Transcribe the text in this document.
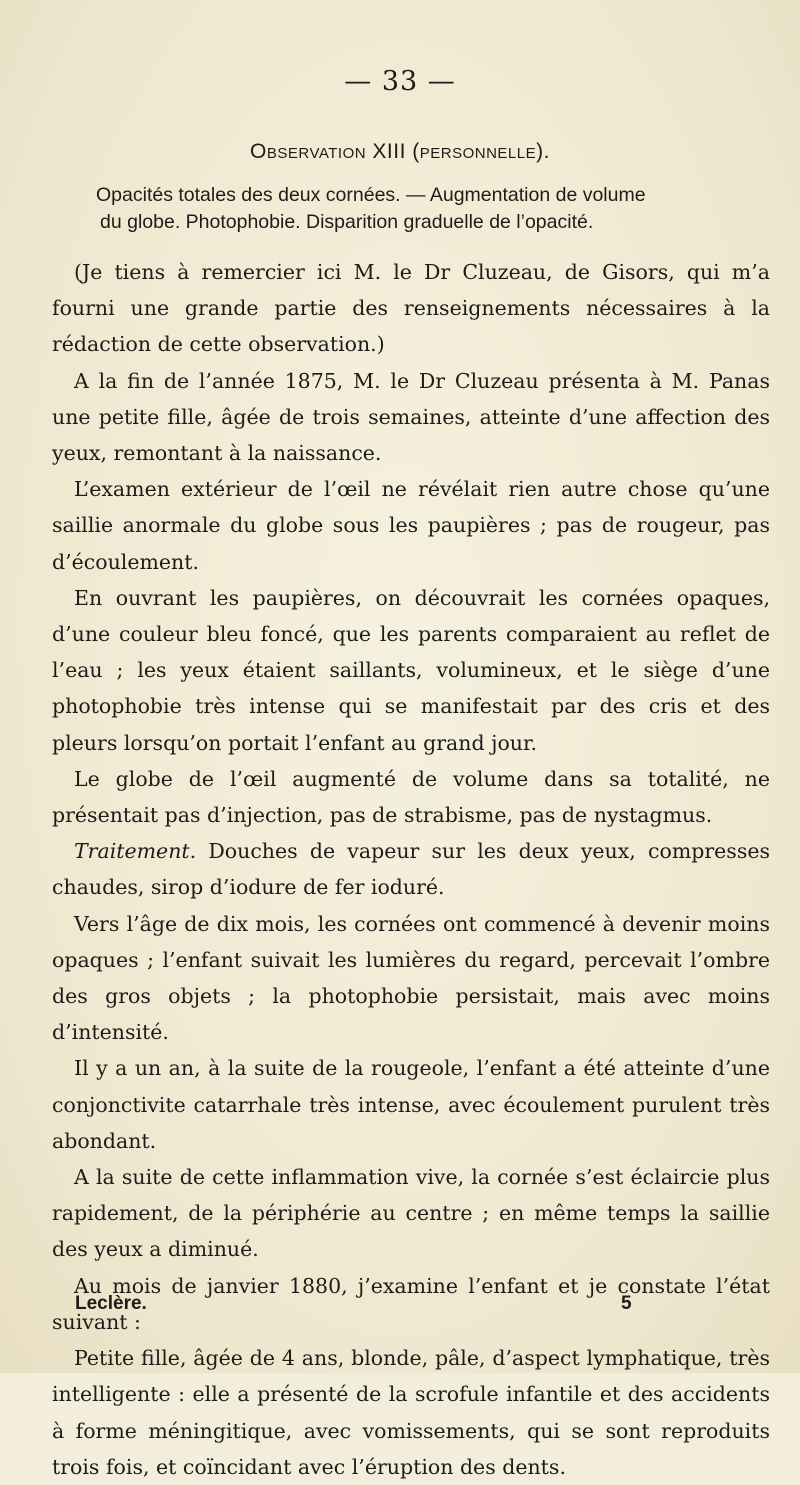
— 33 —
Observation XIII (personnelle).
Opacités totales des deux cornées. — Augmentation de volume
du globe. Photophobie. Disparition graduelle de l’opacité.

(Je tiens à remercier ici M. le Dr Cluzeau, de Gisors, qui m’a fourni une grande partie des renseignements nécessaires à la rédaction de cette observation.)

A la fin de l’année 1875, M. le Dr Cluzeau présenta à M. Panas une petite fille, âgée de trois semaines, atteinte d’une affection des yeux, remontant à la naissance.

L’examen extérieur de l’œil ne révélait rien autre chose qu’une saillie anormale du globe sous les paupières ; pas de rougeur, pas d’écoulement.

En ouvrant les paupières, on découvrait les cornées opaques, d’une couleur bleu foncé, que les parents comparaient au reflet de l’eau ; les yeux étaient saillants, volumineux, et le siège d’une photophobie très intense qui se manifestait par des cris et des pleurs lorsqu’on portait l’enfant au grand jour.

Le globe de l’œil augmenté de volume dans sa totalité, ne présentait pas d’injection, pas de strabisme, pas de nystagmus.

Traitement. Douches de vapeur sur les deux yeux, compresses chaudes, sirop d’iodure de fer ioduré.

Vers l’âge de dix mois, les cornées ont commencé à devenir moins opaques ; l’enfant suivait les lumières du regard, percevait l’ombre des gros objets ; la photophobie persistait, mais avec moins d’intensité.

Il y a un an, à la suite de la rougeole, l’enfant a été atteinte d’une conjonctivite catarrhale très intense, avec écoulement purulent très abondant.

A la suite de cette inflammation vive, la cornée s’est éclaircie plus rapidement, de la périphérie au centre ; en même temps la saillie des yeux a diminué.

Au mois de janvier 1880, j’examine l’enfant et je constate l’état suivant :

Petite fille, âgée de 4 ans, blonde, pâle, d’aspect lymphatique, très intelligente : elle a présenté de la scrofule infantile et des accidents à forme méningitique, avec vomissements, qui se sont reproduits trois fois, et coïncidant avec l’éruption des dents.

Leclère.	5
